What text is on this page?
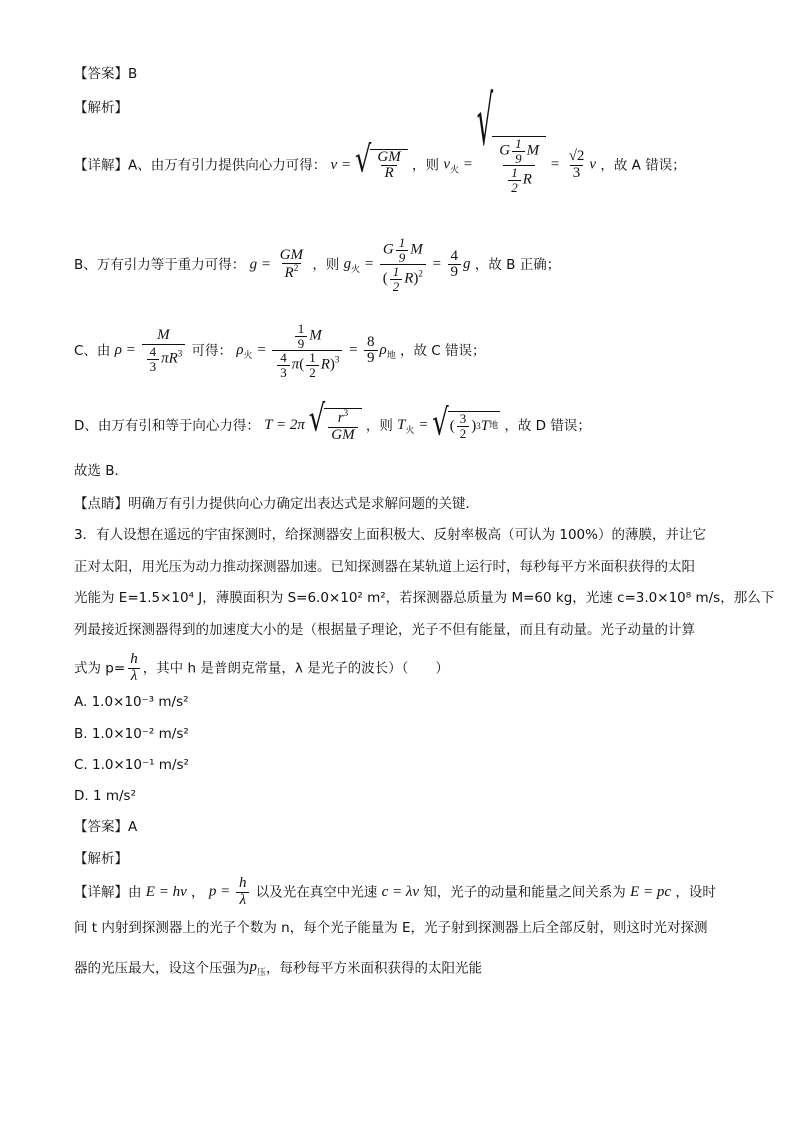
【答案】B
【解析】
【详解】A、由万有引力提供向心力可得： v = √ $\frac{GM}{R}$ ，则 $v_火$ =
√
$\frac{G \frac{1}{9} M}{\frac{1}{2} R} = \frac{√2}{3}$ v ，故 A 错误；
B、万有引力等于重力可得： $g = \frac{GM}{R^2}$ ，则 $g_火 = \frac{G \frac{1}{9} M}{( \frac{1}{2} R)^2} = \frac{4}{9}$ g ，故 B 正确；
C、由 $\rho = \frac{M}{\frac{4}{3} \pi R^3}$ 可得： $\rho_火 = \frac{\frac{1}{9} M}{\frac{4}{3} \pi( \frac{1}{2} R)^3} = \frac{8}{9} \rho_地$ ，故 C 错误；
D、由万有引和等于向心力得： T = 2π √ $\frac{r^3}{GM}$ ，则 $T_火$ = √ ( $\frac{3}{2}$ ) 3 T 地 ，故 D 错误；
故选 B．
【点睛】明确万有引力提供向心力确定出表达式是求解问题的关键．
3．有人设想在遥远的宇宙探测时，给探测器安上面积极大、反射率极高（可认为 100%）的薄膜，并让它
正对太阳，用光压为动力推动探测器加速。已知探测器在某轨道上运行时，每秒每平方米面积获得的太阳
光能为 E=1.5×10⁴ J，薄膜面积为 S=6.0×10² m²，若探测器总质量为 M=60 kg，光速 c=3.0×10⁸ m/s，那么下
列最接近探测器得到的加速度大小的是（根据量子理论，光子不但有能量，而且有动量。光子动量的计算
式为 $p= \frac{h}{\lambda}$ ，其中 h 是普朗克常量，λ 是光子的波长）（　　）
A. 1.0×10⁻³ m/s²
B. 1.0×10⁻² m/s²
C. 1.0×10⁻¹ m/s²
D. 1 m/s²
【答案】A
【解析】
【详解】由 E = hν ， $p = \frac{h}{\lambda}$ 以及光在真空中光速 c = λν 知，光子的动量和能量之间关系为 E = pc ，设时
间 t 内射到探测器上的光子个数为 n，每个光子能量为 E，光子射到探测器上后全部反射，则这时光对探测
器的光压最大，设这个压强为$p_压$，每秒每平方米面积获得的太阳光能
